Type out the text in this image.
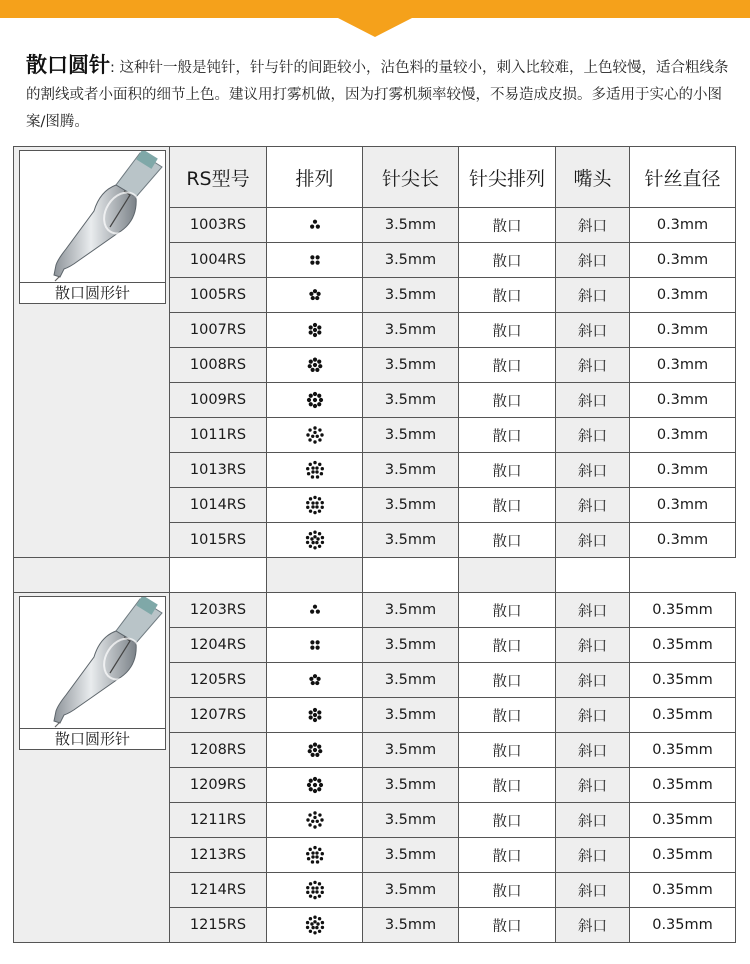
散口圆针: 这种针一般是钝针，针与针的间距较小，沾色料的量较小，刺入比较难，上色较慢，适合粗线条的割线或者小面积的细节上色。建议用打雾机做，因为打雾机频率较慢，不易造成皮损。多适用于实心的小图案/图腾。
散口圆形针	RS型号	排列	针尖长	针尖排列	嘴头	针丝直径
	1003RS		3.5mm	散口	斜口	0.3mm
	1004RS		3.5mm	散口	斜口	0.3mm
	1005RS		3.5mm	散口	斜口	0.3mm
	1007RS		3.5mm	散口	斜口	0.3mm
	1008RS		3.5mm	散口	斜口	0.3mm
	1009RS		3.5mm	散口	斜口	0.3mm
	1011RS		3.5mm	散口	斜口	0.3mm
	1013RS		3.5mm	散口	斜口	0.3mm
	1014RS		3.5mm	散口	斜口	0.3mm
	1015RS		3.5mm	散口	斜口	0.3mm

散口圆形针	1203RS		3.5mm	散口	斜口	0.35mm
	1204RS		3.5mm	散口	斜口	0.35mm
	1205RS		3.5mm	散口	斜口	0.35mm
	1207RS		3.5mm	散口	斜口	0.35mm
	1208RS		3.5mm	散口	斜口	0.35mm
	1209RS		3.5mm	散口	斜口	0.35mm
	1211RS		3.5mm	散口	斜口	0.35mm
	1213RS		3.5mm	散口	斜口	0.35mm
	1214RS		3.5mm	散口	斜口	0.35mm
	1215RS		3.5mm	散口	斜口	0.35mm
